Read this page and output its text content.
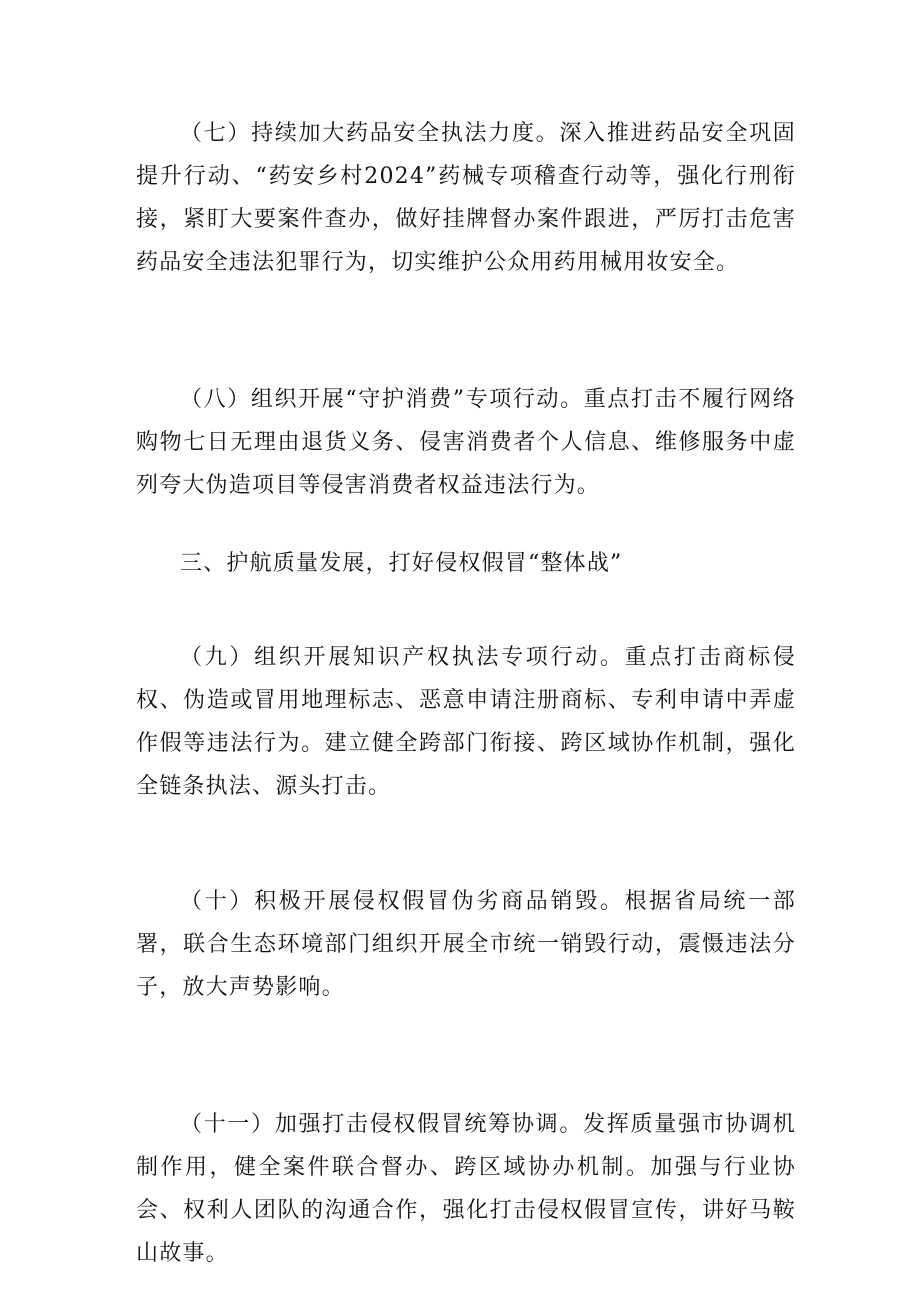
（七）持续加大药品安全执法力度。深入推进药品安全巩固提升行动、“药安乡村2024”药械专项稽查行动等，强化行刑衔接，紧盯大要案件查办，做好挂牌督办案件跟进，严厉打击危害药品安全违法犯罪行为，切实维护公众用药用械用妆安全。
（八）组织开展“守护消费”专项行动。重点打击不履行网络购物七日无理由退货义务、侵害消费者个人信息、维修服务中虚列夸大伪造项目等侵害消费者权益违法行为。
三、护航质量发展，打好侵权假冒“整体战”
（九）组织开展知识产权执法专项行动。重点打击商标侵权、伪造或冒用地理标志、恶意申请注册商标、专利申请中弄虚作假等违法行为。建立健全跨部门衔接、跨区域协作机制，强化全链条执法、源头打击。
（十）积极开展侵权假冒伪劣商品销毁。根据省局统一部署，联合生态环境部门组织开展全市统一销毁行动，震慑违法分子，放大声势影响。
（十一）加强打击侵权假冒统筹协调。发挥质量强市协调机制作用，健全案件联合督办、跨区域协办机制。加强与行业协会、权利人团队的沟通合作，强化打击侵权假冒宣传，讲好马鞍山故事。
